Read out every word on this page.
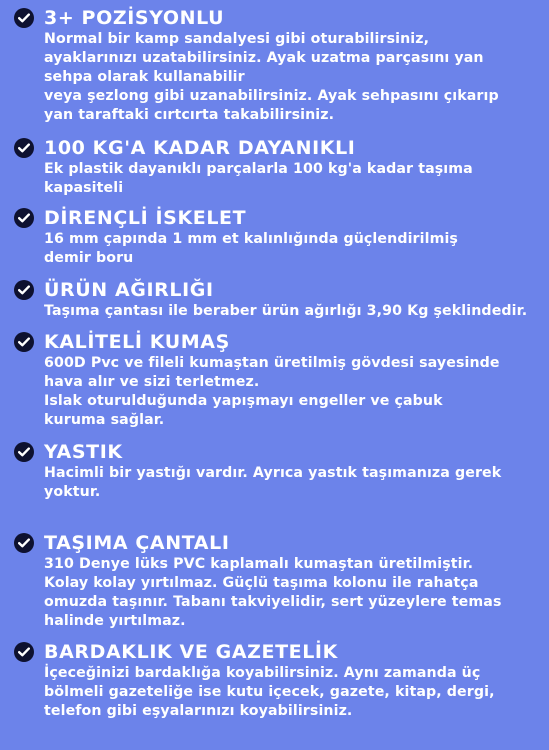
3+ POZİSYONLU
Normal bir kamp sandalyesi gibi oturabilirsiniz,
ayaklarınızı uzatabilirsiniz. Ayak uzatma parçasını yan
sehpa olarak kullanabilir
veya şezlong gibi uzanabilirsiniz. Ayak sehpasını çıkarıp
yan taraftaki cırtcırta takabilirsiniz.
100 KG'A KADAR DAYANIKLI
Ek plastik dayanıklı parçalarla 100 kg'a kadar taşıma
kapasiteli
DİRENÇLİ İSKELET
16 mm çapında 1 mm et kalınlığında güçlendirilmiş
demir boru
ÜRÜN AĞIRLIĞI
Taşıma çantası ile beraber ürün ağırlığı 3,90 Kg şeklindedir.
KALİTELİ KUMAŞ
600D Pvc ve fileli kumaştan üretilmiş gövdesi sayesinde
hava alır ve sizi terletmez.
Islak oturulduğunda yapışmayı engeller ve çabuk
kuruma sağlar.
YASTIK
Hacimli bir yastığı vardır. Ayrıca yastık taşımanıza gerek
yoktur.
TAŞIMA ÇANTALI
310 Denye lüks PVC kaplamalı kumaştan üretilmiştir.
Kolay kolay yırtılmaz. Güçlü taşıma kolonu ile rahatça
omuzda taşınır. Tabanı takviyelidir, sert yüzeylere temas
halinde yırtılmaz.
BARDAKLIK VE GAZETELİK
İçeceğinizi bardaklığa koyabilirsiniz. Aynı zamanda üç
bölmeli gazeteliğe ise kutu içecek, gazete, kitap, dergi,
telefon gibi eşyalarınızı koyabilirsiniz.
